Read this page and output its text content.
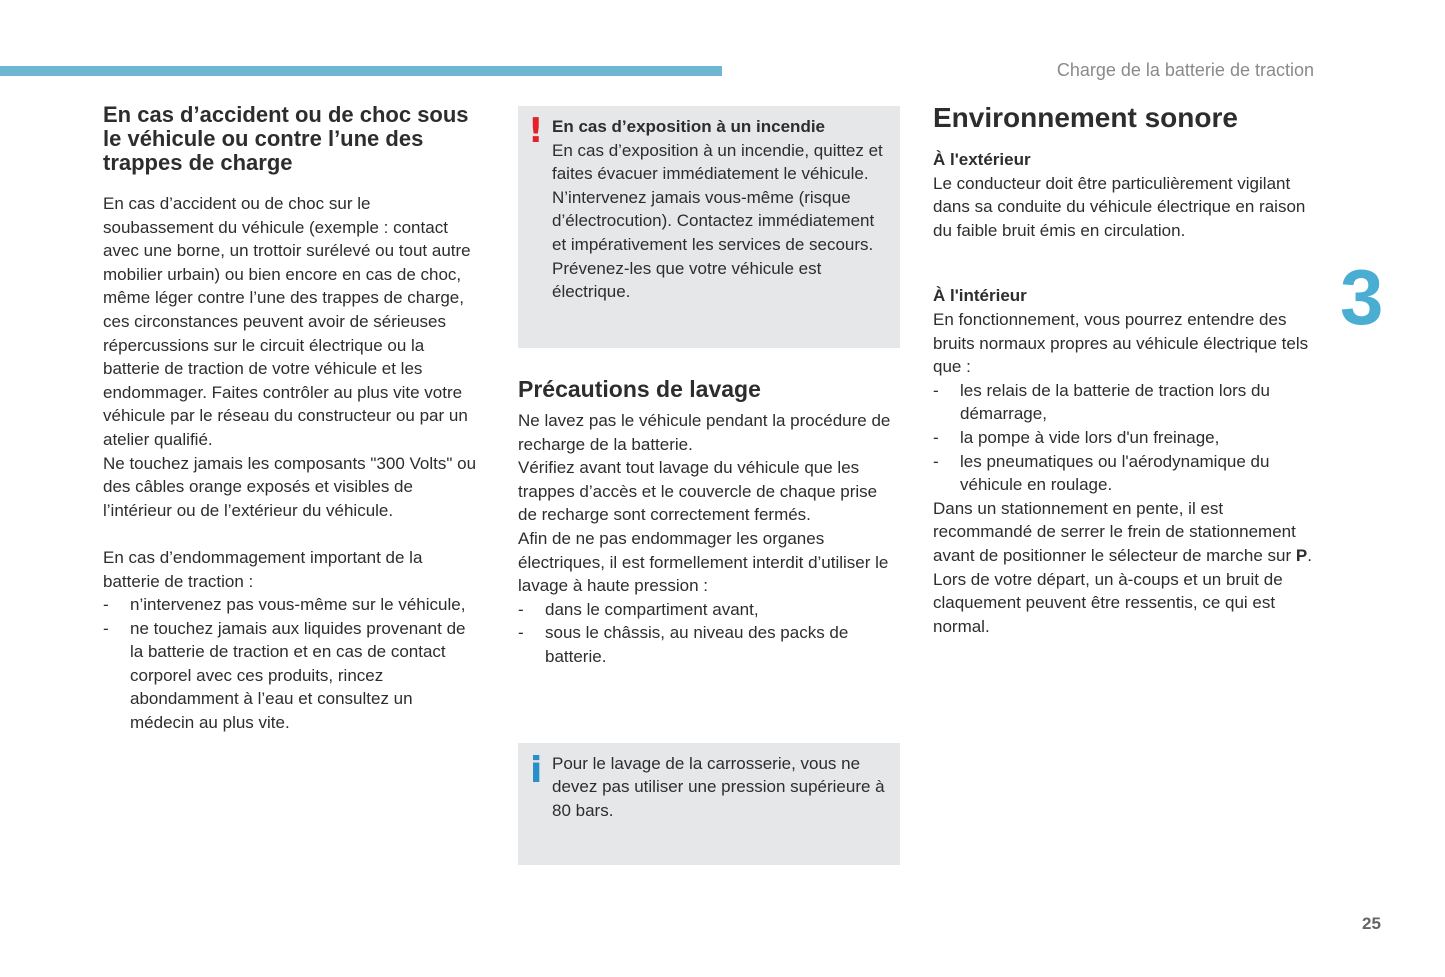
Charge de la batterie de traction
3
25
En cas d’accident ou de choc sous le véhicule ou contre l’une des trappes de charge

En cas d’accident ou de choc sur le soubassement du véhicule (exemple : contact avec une borne, un trottoir surélevé ou tout autre mobilier urbain) ou bien encore en cas de choc, même léger contre l’une des trappes de charge, ces circonstances peuvent avoir de sérieuses répercussions sur le circuit électrique ou la batterie de traction de votre véhicule et les endommager. Faites contrôler au plus vite votre véhicule par le réseau du constructeur ou par un atelier qualifié.

Ne touchez jamais les composants "300 Volts" ou des câbles orange exposés et visibles de l’intérieur ou de l’extérieur du véhicule.

En cas d’endommagement important de la batterie de traction :

- n’intervenez pas vous-même sur le véhicule,
- ne touchez jamais aux liquides provenant de la batterie de traction et en cas de contact corporel avec ces produits, rincez abondamment à l’eau et consultez un médecin au plus vite.
! En cas d’exposition à un incendie

En cas d’exposition à un incendie, quittez et faites évacuer immédiatement le véhicule. N’intervenez jamais vous-même (risque d’électrocution). Contactez immédiatement et impérativement les services de secours. Prévenez-les que votre véhicule est électrique.

Précautions de lavage

Ne lavez pas le véhicule pendant la procédure de recharge de la batterie.

Vérifiez avant tout lavage du véhicule que les trappes d’accès et le couvercle de chaque prise de recharge sont correctement fermés.

Afin de ne pas endommager les organes électriques, il est formellement interdit d’utiliser le lavage à haute pression :

- dans le compartiment avant,
- sous le châssis, au niveau des packs de batterie.
i Pour le lavage de la carrosserie, vous ne devez pas utiliser une pression supérieure à 80 bars.

Environnement sonore

À l'extérieur

Le conducteur doit être particulièrement vigilant dans sa conduite du véhicule électrique en raison du faible bruit émis en circulation.

À l'intérieur

En fonctionnement, vous pourrez entendre des bruits normaux propres au véhicule électrique tels que :

- les relais de la batterie de traction lors du démarrage,
- la pompe à vide lors d'un freinage,
- les pneumatiques ou l'aérodynamique du véhicule en roulage.

Dans un stationnement en pente, il est recommandé de serrer le frein de stationnement avant de positionner le sélecteur de marche sur P. Lors de votre départ, un à-coups et un bruit de claquement peuvent être ressentis, ce qui est normal.
